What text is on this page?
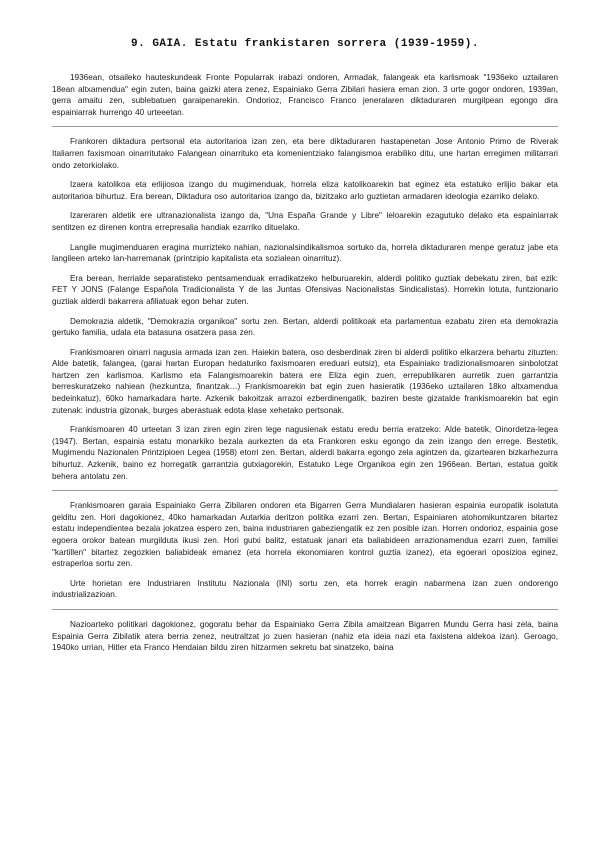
9. GAIA. Estatu frankistaren sorrera (1939-1959).

1936ean, otsaileko hauteskundeak Fronte Popularrak irabazi ondoren, Armadak, falangeak eta karlismoak "1936eko uztailaren 18ean altxamendua" egin zuten, baina gaizki atera zenez, Espainiako Gerra Zibilari hasiera eman zion. 3 urte gogor ondoren, 1939an, gerra amaitu zen, sublebatuen garaipenarekin. Ondorioz, Francisco Franco jeneralaren diktaduraren murgilpean egongo dira espainiarrak hurrengo 40 urteeetan.

Frankoren diktadura pertsonal eta autoritarioa izan zen, eta bere diktaduraren hastapenetan Jose Antonio Primo de Riverak Italiarren faxismoan oinarritutako Falangean oinarrituko eta komenientziako falangismoa erabiliko ditu, une hartan erregimen militarrari ondo zetorkiolako.

Izaera katolikoa eta erlijiosoa izango du mugimenduak, horrela eliza katolikoarekin bat eginez eta estatuko erlijio bakar eta autoritarioa bihurtuz. Era berean, Diktadura oso autoritarioa izango da, bizitzako arlo guztietan armadaren ideologia ezarriko delako.

Izareraren aldetik ere ultranazionalista izango da, "Una España Grande y Libre" leloarekin ezagutuko delako eta espainiarrak sentitzen ez direnen kontra errepresalia handiak ezarriko dituelako.

Langile mugimenduaren eragina murrizteko nahian, nazionalsindikalismoa sortuko da, horrela diktaduraren menpe geratuz jabe eta langileen arteko lan-harremanak (printzipio kapitalista eta sozialean oinarrituz).

Era berean, herrialde separatisteko pentsamenduak erradikatzeko helburuarekin, alderdi politiko guztiak debekatu ziren, bat ezik: FET Y JONS (Falange Española Tradicionalista Y de las Juntas Ofensivas Nacionalistas Sindicalistas). Horrekin lotuta, funtzionario guztiak alderdi bakarrera afiliatuak egon behar zuten.

Demokrazia aldetik, "Demokrazia organikoa" sortu zen. Bertan, alderdi politikoak eta parlamentua ezabatu ziren eta demokrazia gertuko familia, udala eta batasuna osatzera pasa zen.

Frankismoaren oinarri nagusia armada izan zen. Haiekin batera, oso desberdinak ziren bi alderdi politiko elkarzera behartu zituzten: Alde batetik, falangea, (garai hartan Europan hedaturiko faxismoaren ereduari eutsiz), eta Espainiako tradizionalismoaren sinbolotzat hartzen zen karlismoa. Karlismo eta Falangismoarekin batera ere Eliza egin zuen, errepublikaren aurretik zuen garrantzia berreskuratzeko nahiean (hezkuntza, finantzak…) Frankismoarekin bat egin zuen hasieratik (1936eko uztailaren 18ko altxamenduа bedeinkatuz), 60ko hamarkadara harte. Azkenik bakoitzak arrazoi ezberdinengatik, baziren beste gizataldе frankismoarekin bat egin zutenak: industria gizonak, burges aberastuak edota klase xehetako pertsonak.

Frankismoaren 40 urteetan 3 izan ziren egin ziren lege nagusienak estatu eredu berria eratzeko: Alde batetik, Oinordetza-legea (1947). Bertan, espainia estatu monarkiko bezala aurkezten da eta Frankoren esku egongo da zein izango den errege. Bestetik, Mugimendu Nazionalen Printzipioen Legea (1958) etorri zen. Bertan, alderdi bakarra egongo zela agintzen da, gizartearen bizkarhezurra bihurtuz. Azkenik, baino ez horregatik garrantzia gutxiagorekin, Estatuko Lege Organikoa egin zen 1966ean. Bertan, estatua goitik behera antolatu zen.

Frankismoaren garaia Espainiako Gerra Zibilaren ondoren eta Bigarren Gerra Mundialaren hasieran espainia europatik isolatuta gelditu zen. Hori dagokionez, 40ko hamarkadan Autarkia deritzon politika ezarri zen. Bertan, Espainiaren atohomikuntzaren bitartez estatu independientea bezala jokatzea espero zen, baina industriaren gabeziengatik ez zen posible izan. Horren ondorioz, espainia gose egoera orokor batean murgilduta ikusi zen. Hori gutxi balitz, estatuak janari eta baliabideen arrazionamendua ezarri zuen, familiei "kartillen" bitartez zegozkien baliabideak emanez (eta horrela ekonomiaren kontrol guztia izanez), eta egoerari oposizioa eginez, estraperloa sortu zen.

Urte horietan ere Industriaren Institutu Nazionala (INI) sortu zen, eta horrek eragin nabarmena izan zuen ondorengo industrializazioan.

Nazioarteko politikari dagokionez, gogoratu behar da Espainiako Gerra Zibila amaitzean Bigarren Mundu Gerra hasi zela, baina Espainia Gerra Zibilatik atera berria zenez, neutraltzat jo zuen hasieran (nahiz eta ideia nazi eta faxistena aldekoa izan). Geroago, 1940ko urrian, Hitler eta Franco Hendaian bildu ziren hitzarmen sekretu bat sinatzeko, baina
